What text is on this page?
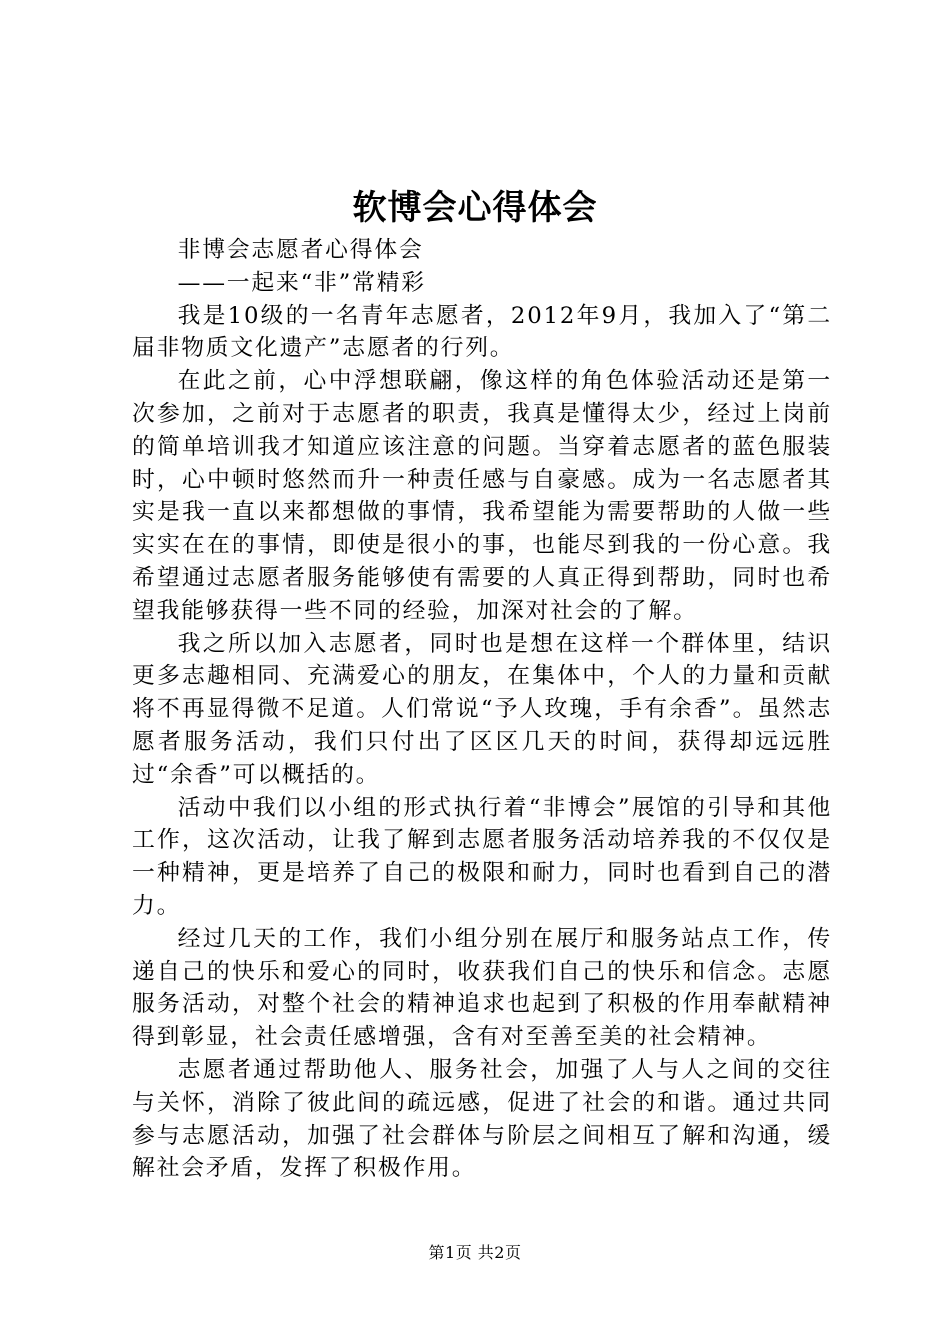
软博会心得体会

非博会志愿者心得体会

——一起来“非”常精彩

我是10级的一名青年志愿者，2012年9月，我加入了“第二届非物质文化遗产”志愿者的行列。

在此之前，心中浮想联翩，像这样的角色体验活动还是第一次参加，之前对于志愿者的职责，我真是懂得太少，经过上岗前的简单培训我才知道应该注意的问题。当穿着志愿者的蓝色服装时，心中顿时悠然而升一种责任感与自豪感。成为一名志愿者其实是我一直以来都想做的事情，我希望能为需要帮助的人做一些实实在在的事情，即使是很小的事，也能尽到我的一份心意。我希望通过志愿者服务能够使有需要的人真正得到帮助，同时也希望我能够获得一些不同的经验，加深对社会的了解。

我之所以加入志愿者，同时也是想在这样一个群体里，结识更多志趣相同、充满爱心的朋友，在集体中，个人的力量和贡献将不再显得微不足道。人们常说“予人玫瑰，手有余香”。虽然志愿者服务活动，我们只付出了区区几天的时间，获得却远远胜过“余香”可以概括的。

活动中我们以小组的形式执行着“非博会”展馆的引导和其他工作，这次活动，让我了解到志愿者服务活动培养我的不仅仅是一种精神，更是培养了自己的极限和耐力，同时也看到自己的潜力。

经过几天的工作，我们小组分别在展厅和服务站点工作，传递自己的快乐和爱心的同时，收获我们自己的快乐和信念。志愿服务活动，对整个社会的精神追求也起到了积极的作用奉献精神得到彰显，社会责任感增强，含有对至善至美的社会精神。

志愿者通过帮助他人、服务社会，加强了人与人之间的交往与关怀，消除了彼此间的疏远感，促进了社会的和谐。通过共同参与志愿活动，加强了社会群体与阶层之间相互了解和沟通，缓解社会矛盾，发挥了积极作用。

第1页 共2页
